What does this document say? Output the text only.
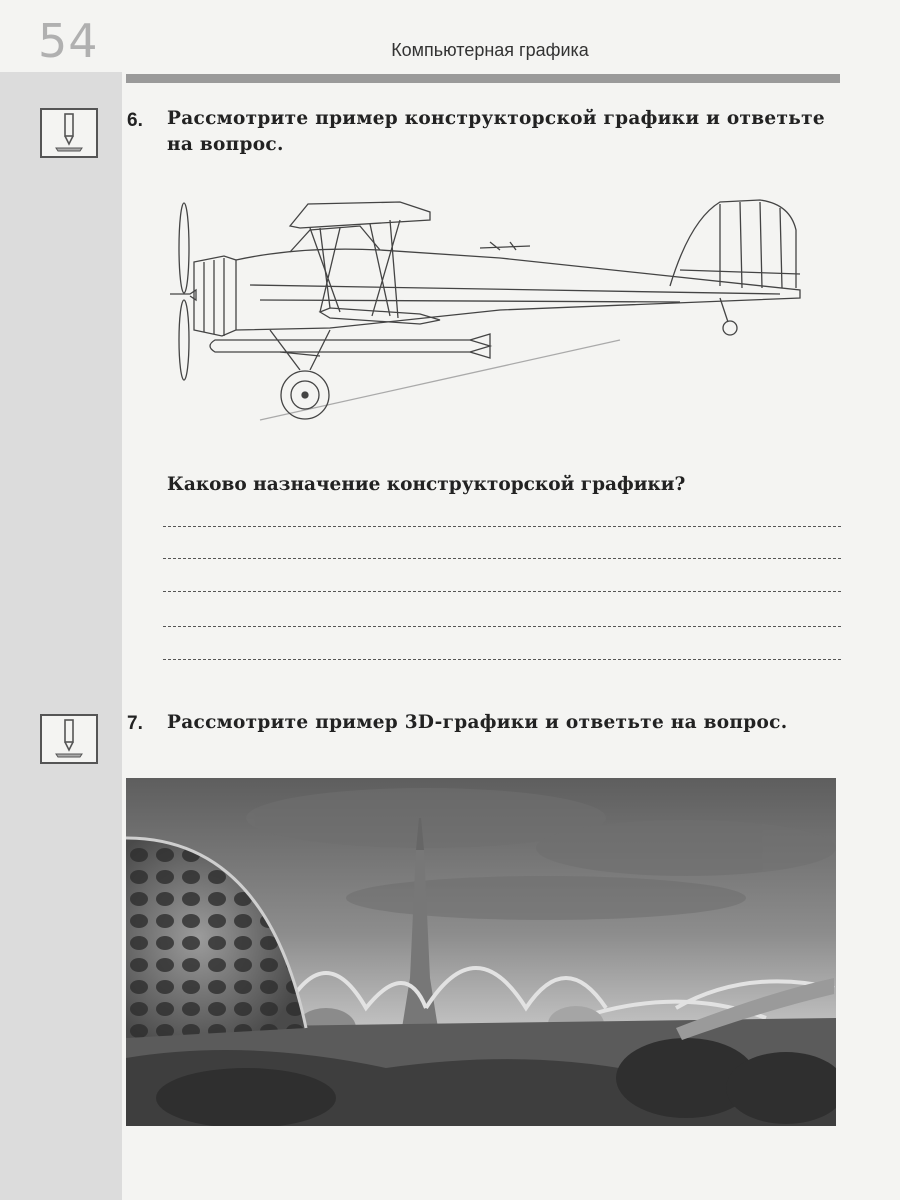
54	Компьютерная графика
6. Рассмотрите пример конструкторской графики и ответьте
на вопрос.
Каково назначение конструкторской графики?
7. Рассмотрите пример 3D-графики и ответьте на вопрос.
